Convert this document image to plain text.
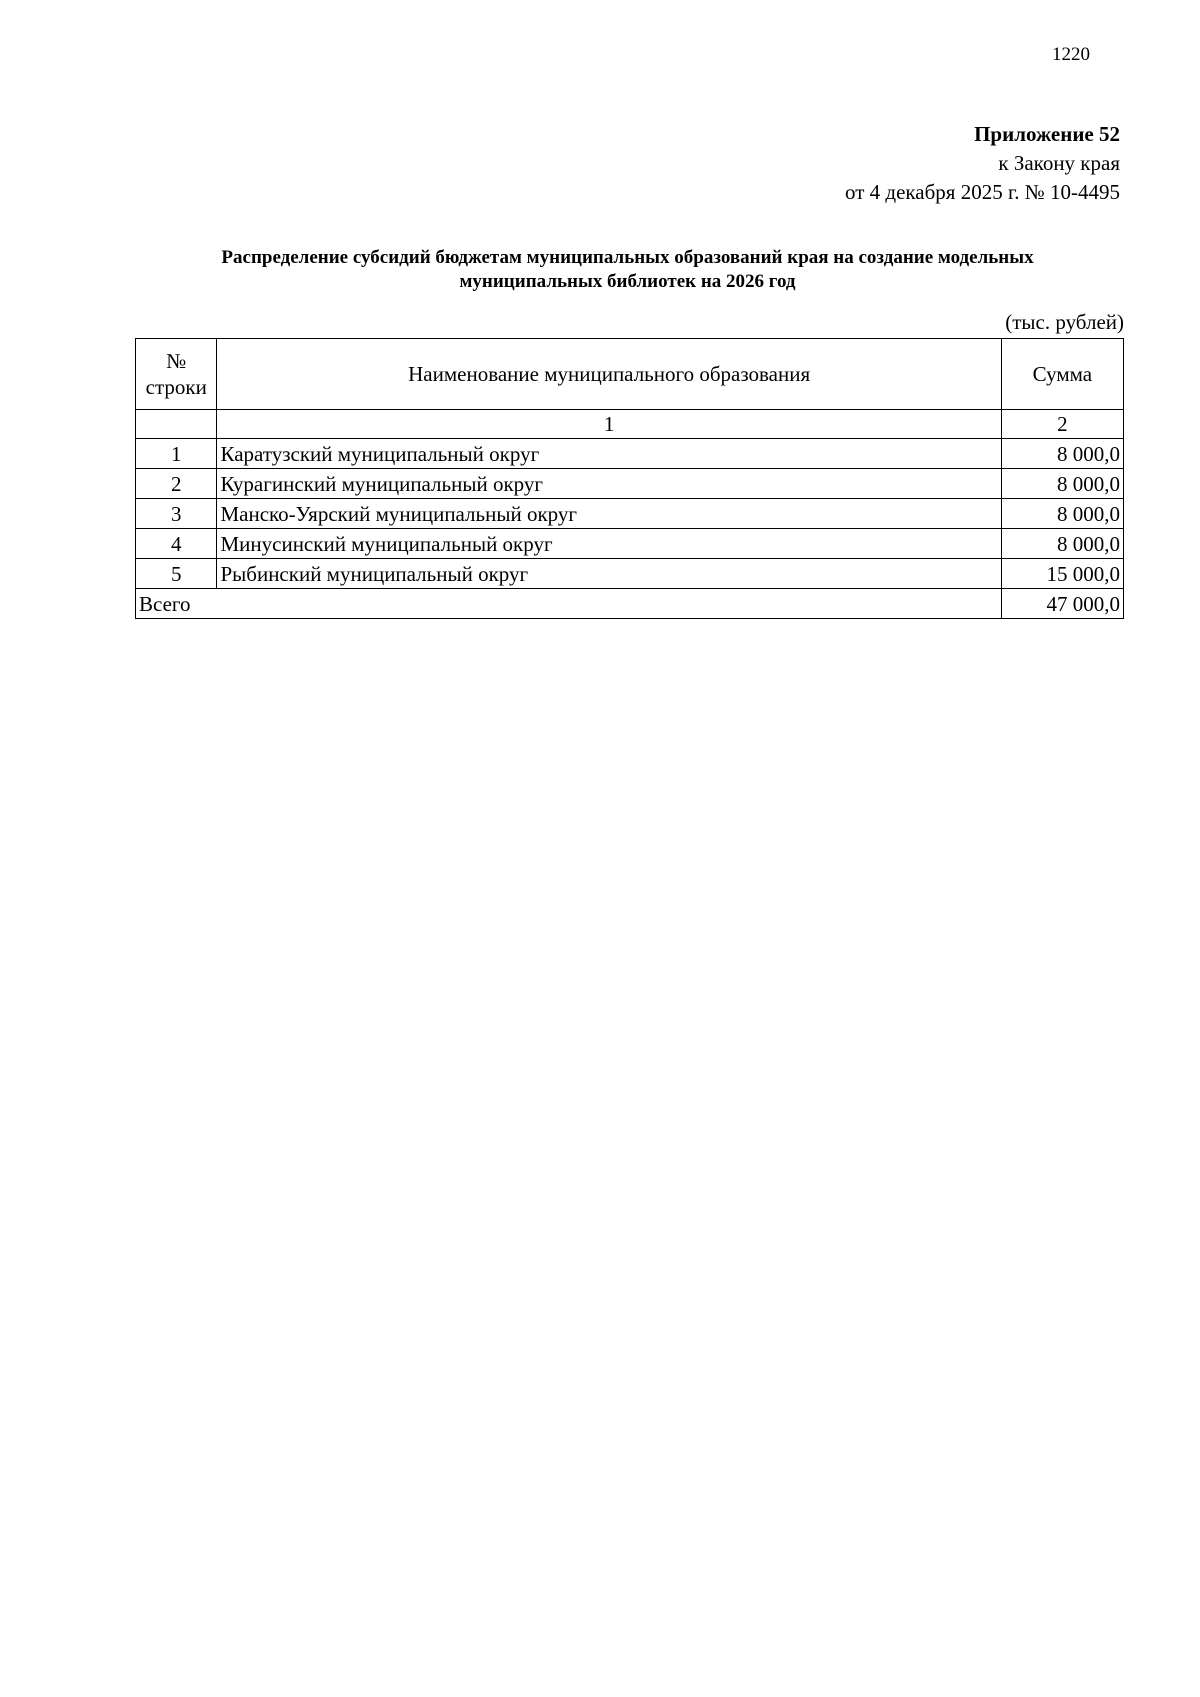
1220
Приложение 52
к Закону края
от 4 декабря 2025 г. № 10-4495
Распределение субсидий бюджетам муниципальных образований края на создание модельных
муниципальных библиотек на 2026 год
(тыс. рублей)
№
строки	Наименование муниципального образования	Сумма
	1	2
1	Каратузский муниципальный округ	8 000,0
2	Курагинский муниципальный округ	8 000,0
3	Манско-Уярский муниципальный округ	8 000,0
4	Минусинский муниципальный округ	8 000,0
5	Рыбинский муниципальный округ	15 000,0
Всего		47 000,0
